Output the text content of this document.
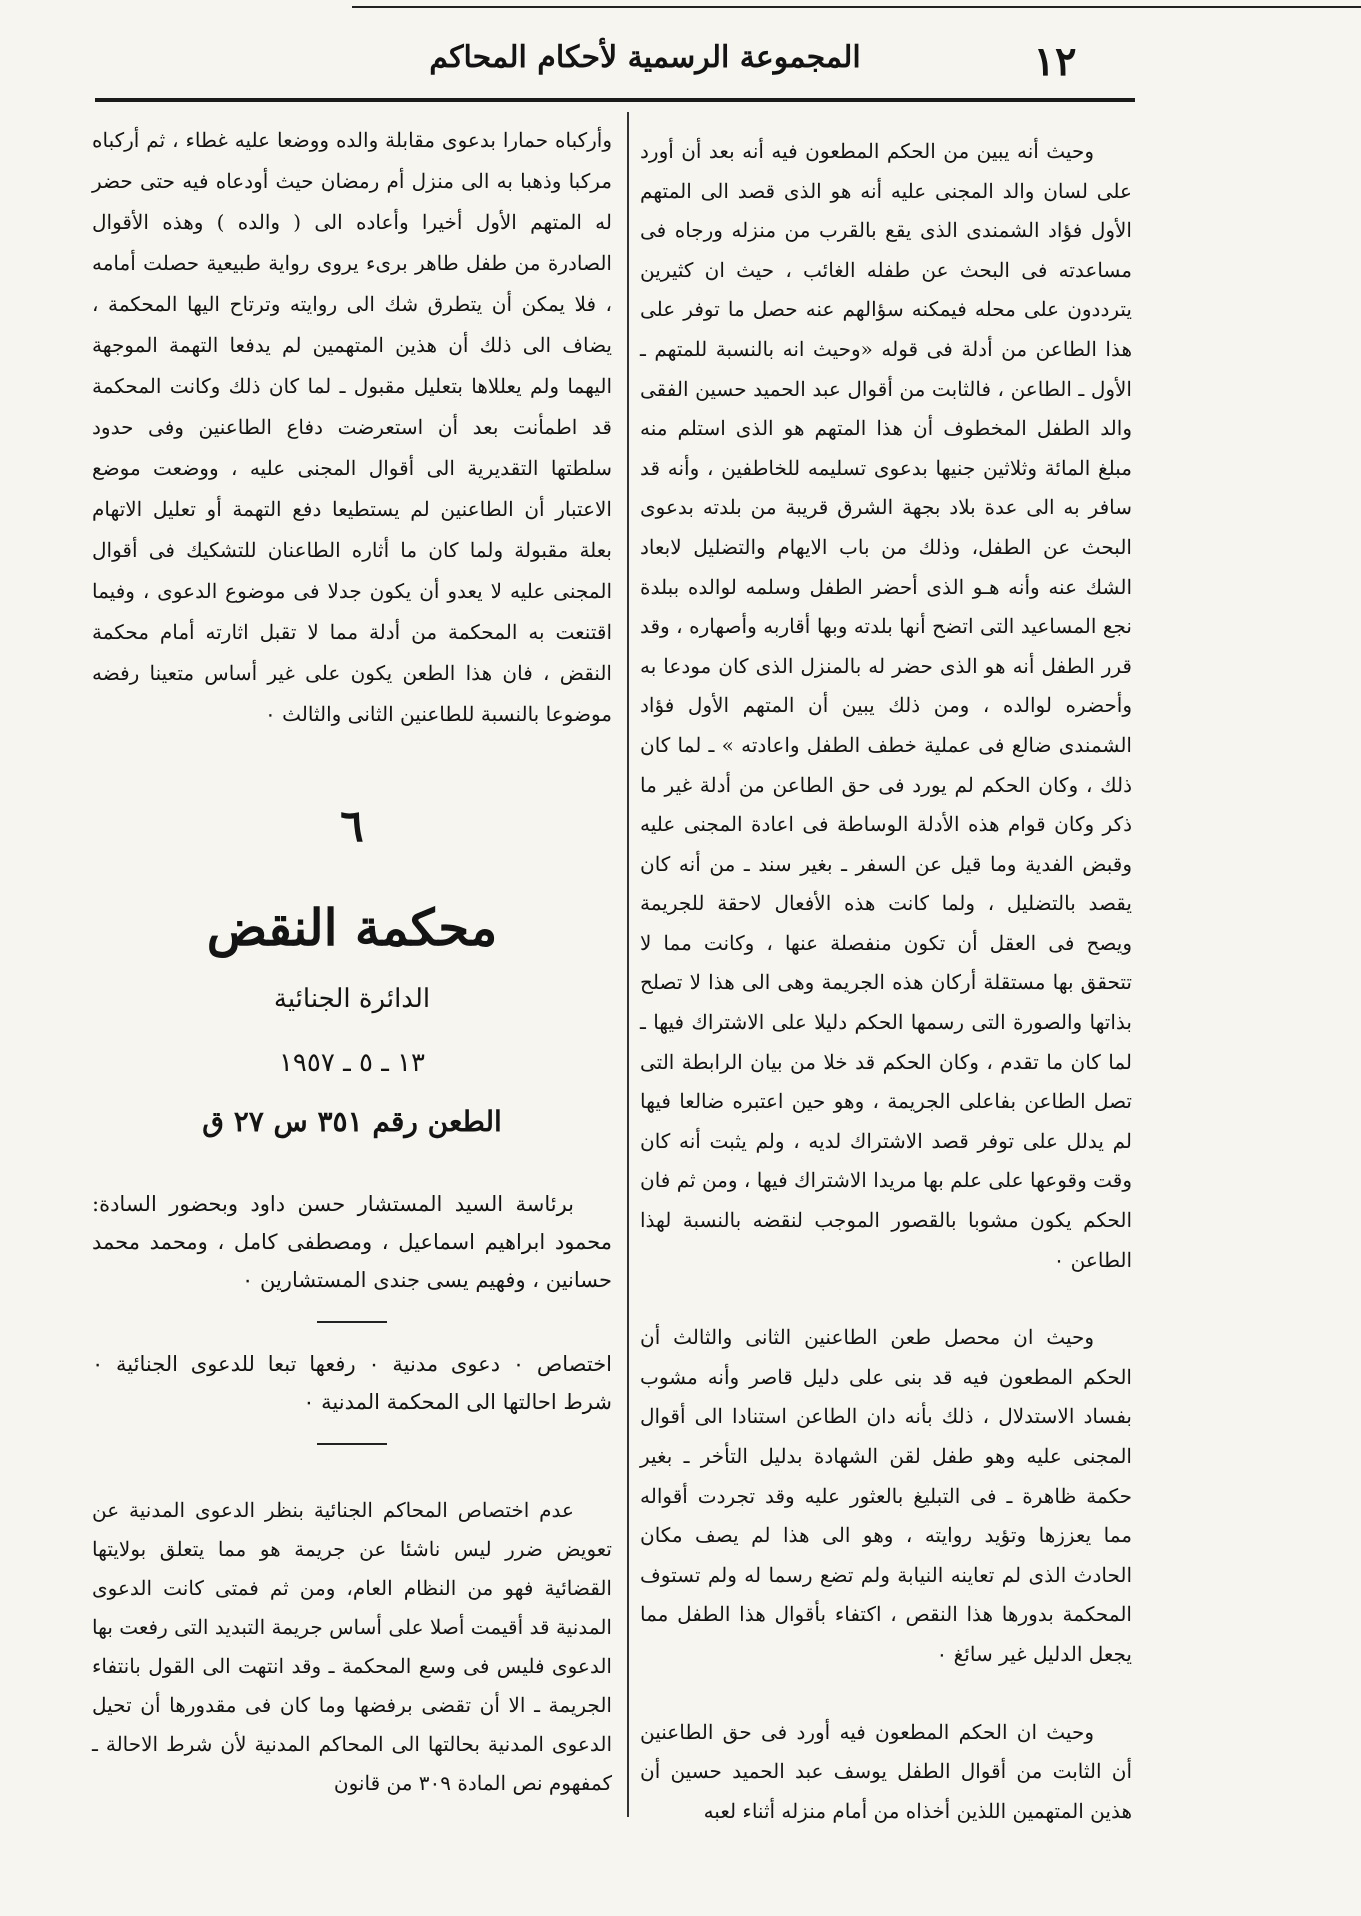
١٢
المجموعة الرسمية لأحكام المحاكم

وحيث أنه يبين من الحكم المطعون فيه أنه بعد أن أورد على لسان والد المجنى عليه أنه هو الذى قصد الى المتهم الأول فؤاد الشمندى الذى يقع بالقرب من منزله ورجاه فى مساعدته فى البحث عن طفله الغائب ، حيث ان كثيرين يترددون على محله فيمكنه سؤالهم عنه حصل ما توفر على هذا الطاعن من أدلة فى قوله «وحيث انه بالنسبة للمتهم ـ الأول ـ الطاعن ، فالثابت من أقوال عبد الحميد حسين الفقى والد الطفل المخطوف أن هذا المتهم هو الذى استلم منه مبلغ المائة وثلاثين جنيها بدعوى تسليمه للخاطفين ، وأنه قد سافر به الى عدة بلاد بجهة الشرق قريبة من بلدته بدعوى البحث عن الطفل، وذلك من باب الايهام والتضليل لابعاد الشك عنه وأنه هـو الذى أحضر الطفل وسلمه لوالده ببلدة نجع المساعيد التى اتضح أنها بلدته وبها أقاربه وأصهاره ، وقد قرر الطفل أنه هو الذى حضر له بالمنزل الذى كان مودعا به وأحضره لوالده ، ومن ذلك يبين أن المتهم الأول فؤاد الشمندى ضالع فى عملية خطف الطفل واعادته » ـ لما كان ذلك ، وكان الحكم لم يورد فى حق الطاعن من أدلة غير ما ذكر وكان قوام هذه الأدلة الوساطة فى اعادة المجنى عليه وقبض الفدية وما قيل عن السفر ـ بغير سند ـ من أنه كان يقصد بالتضليل ، ولما كانت هذه الأفعال لاحقة للجريمة ويصح فى العقل أن تكون منفصلة عنها ، وكانت مما لا تتحقق بها مستقلة أركان هذه الجريمة وهى الى هذا لا تصلح بذاتها والصورة التى رسمها الحكم دليلا على الاشتراك فيها ـ لما كان ما تقدم ، وكان الحكم قد خلا من بيان الرابطة التى تصل الطاعن بفاعلى الجريمة ، وهو حين اعتبره ضالعا فيها لم يدلل على توفر قصد الاشتراك لديه ، ولم يثبت أنه كان وقت وقوعها على علم بها مريدا الاشتراك فيها ، ومن ثم فان الحكم يكون مشوبا بالقصور الموجب لنقضه بالنسبة لهذا الطاعن ٠

وحيث ان محصل طعن الطاعنين الثانى والثالث أن الحكم المطعون فيه قد بنى على دليل قاصر وأنه مشوب بفساد الاستدلال ، ذلك بأنه دان الطاعن استنادا الى أقوال المجنى عليه وهو طفل لقن الشهادة بدليل التأخر ـ بغير حكمة ظاهرة ـ فى التبليغ بالعثور عليه وقد تجردت أقواله مما يعززها وتؤيد روايته ، وهو الى هذا لم يصف مكان الحادث الذى لم تعاينه النيابة ولم تضع رسما له ولم تستوف المحكمة بدورها هذا النقص ، اكتفاء بأقوال هذا الطفل مما يجعل الدليل غير سائغ ٠

وحيث ان الحكم المطعون فيه أورد فى حق الطاعنين أن الثابت من أقوال الطفل يوسف عبد الحميد حسين أن هذين المتهمين اللذين أخذاه من أمام منزله أثناء لعبه

وأركباه حمارا بدعوى مقابلة والده ووضعا عليه غطاء ، ثم أركباه مركبا وذهبا به الى منزل أم رمضان حيث أودعاه فيه حتى حضر له المتهم الأول أخيرا وأعاده الى ( والده ) وهذه الأقوال الصادرة من طفل طاهر برىء يروى رواية طبيعية حصلت أمامه ، فلا يمكن أن يتطرق شك الى روايته وترتاح اليها المحكمة ، يضاف الى ذلك أن هذين المتهمين لم يدفعا التهمة الموجهة اليهما ولم يعللاها بتعليل مقبول ـ لما كان ذلك وكانت المحكمة قد اطمأنت بعد أن استعرضت دفاع الطاعنين وفى حدود سلطتها التقديرية الى أقوال المجنى عليه ، ووضعت موضع الاعتبار أن الطاعنين لم يستطيعا دفع التهمة أو تعليل الاتهام بعلة مقبولة ولما كان ما أثاره الطاعنان للتشكيك فى أقوال المجنى عليه لا يعدو أن يكون جدلا فى موضوع الدعوى ، وفيما اقتنعت به المحكمة من أدلة مما لا تقبل اثارته أمام محكمة النقض ، فان هذا الطعن يكون على غير أساس متعينا رفضه موضوعا بالنسبة للطاعنين الثانى والثالث ٠

٦
محكمة النقض
الدائرة الجنائية
١٣ ـ ٥ ـ ١٩٥٧
الطعن رقم ٣٥١ س ٢٧ ق

برئاسة السيد المستشار حسن داود وبحضور السادة: محمود ابراهيم اسماعيل ، ومصطفى كامل ، ومحمد محمد حسانين ، وفهيم يسى جندى المستشارين ٠

اختصاص ٠ دعوى مدنية ٠ رفعها تبعا للدعوى الجنائية ٠ شرط احالتها الى المحكمة المدنية ٠

عدم اختصاص المحاكم الجنائية بنظر الدعوى المدنية عن تعويض ضرر ليس ناشئا عن جريمة هو مما يتعلق بولايتها القضائية فهو من النظام العام، ومن ثم فمتى كانت الدعوى المدنية قد أقيمت أصلا على أساس جريمة التبديد التى رفعت بها الدعوى فليس فى وسع المحكمة ـ وقد انتهت الى القول بانتفاء الجريمة ـ الا أن تقضى برفضها وما كان فى مقدورها أن تحيل الدعوى المدنية بحالتها الى المحاكم المدنية لأن شرط الاحالة ـ كمفهوم نص المادة ٣٠٩ من قانون
